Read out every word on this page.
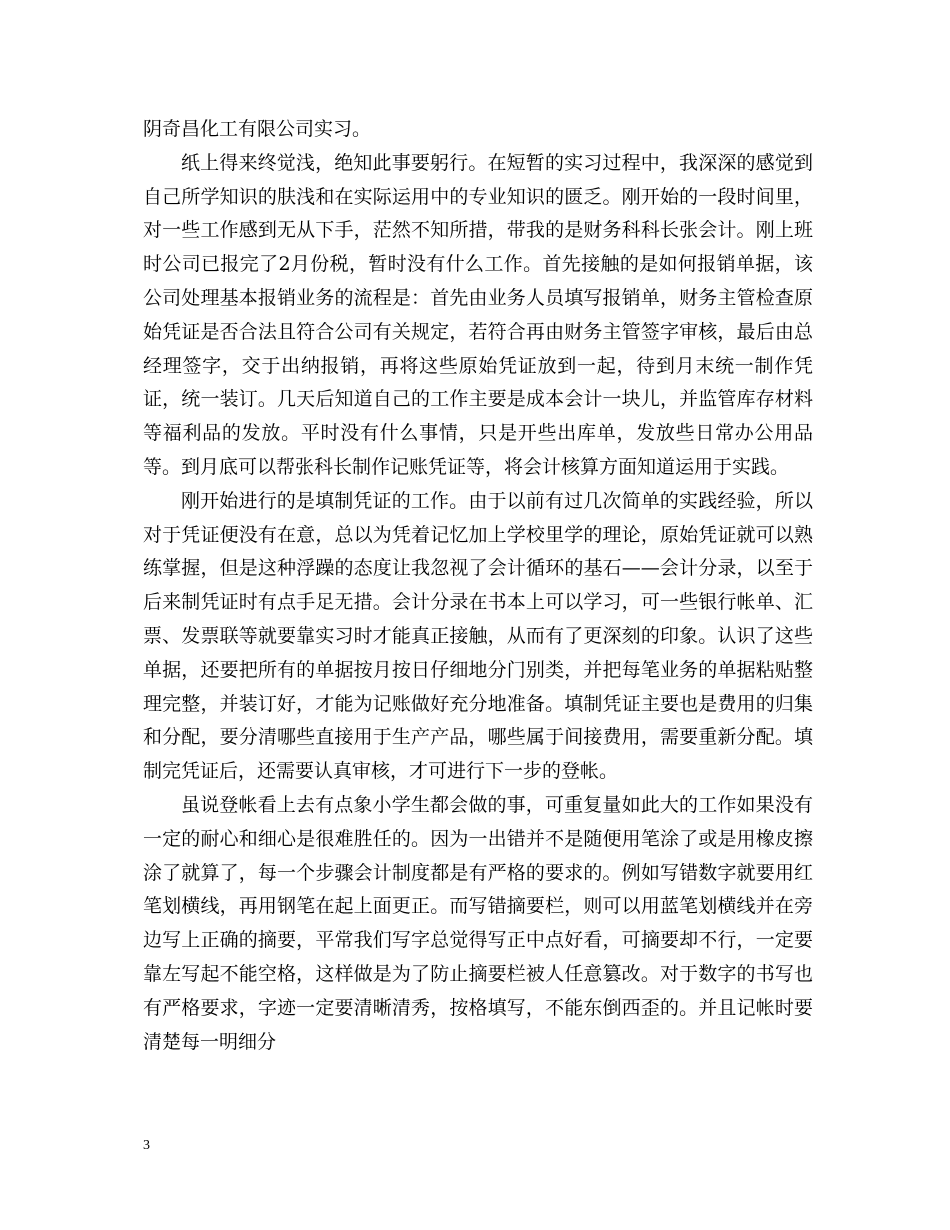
阴奇昌化工有限公司实习。

纸上得来终觉浅，绝知此事要躬行。在短暂的实习过程中，我深深的感觉到自己所学知识的肤浅和在实际运用中的专业知识的匮乏。刚开始的一段时间里，对一些工作感到无从下手，茫然不知所措，带我的是财务科科长张会计。刚上班时公司已报完了2月份税，暂时没有什么工作。首先接触的是如何报销单据，该公司处理基本报销业务的流程是：首先由业务人员填写报销单，财务主管检查原始凭证是否合法且符合公司有关规定，若符合再由财务主管签字审核，最后由总经理签字，交于出纳报销，再将这些原始凭证放到一起，待到月末统一制作凭证，统一装订。几天后知道自己的工作主要是成本会计一块儿，并监管库存材料等福利品的发放。平时没有什么事情，只是开些出库单，发放些日常办公用品等。到月底可以帮张科长制作记账凭证等，将会计核算方面知道运用于实践。

刚开始进行的是填制凭证的工作。由于以前有过几次简单的实践经验，所以对于凭证便没有在意，总以为凭着记忆加上学校里学的理论，原始凭证就可以熟练掌握，但是这种浮躁的态度让我忽视了会计循环的基石——会计分录，以至于后来制凭证时有点手足无措。会计分录在书本上可以学习，可一些银行帐单、汇票、发票联等就要靠实习时才能真正接触，从而有了更深刻的印象。认识了这些单据，还要把所有的单据按月按日仔细地分门别类，并把每笔业务的单据粘贴整理完整，并装订好，才能为记账做好充分地准备。填制凭证主要也是费用的归集和分配，要分清哪些直接用于生产产品，哪些属于间接费用，需要重新分配。填制完凭证后，还需要认真审核，才可进行下一步的登帐。

虽说登帐看上去有点象小学生都会做的事，可重复量如此大的工作如果没有一定的耐心和细心是很难胜任的。因为一出错并不是随便用笔涂了或是用橡皮擦涂了就算了，每一个步骤会计制度都是有严格的要求的。例如写错数字就要用红笔划横线，再用钢笔在起上面更正。而写错摘要栏，则可以用蓝笔划横线并在旁边写上正确的摘要，平常我们写字总觉得写正中点好看，可摘要却不行，一定要靠左写起不能空格，这样做是为了防止摘要栏被人任意篡改。对于数字的书写也有严格要求，字迹一定要清晰清秀，按格填写，不能东倒西歪的。并且记帐时要清楚每一明细分

3
